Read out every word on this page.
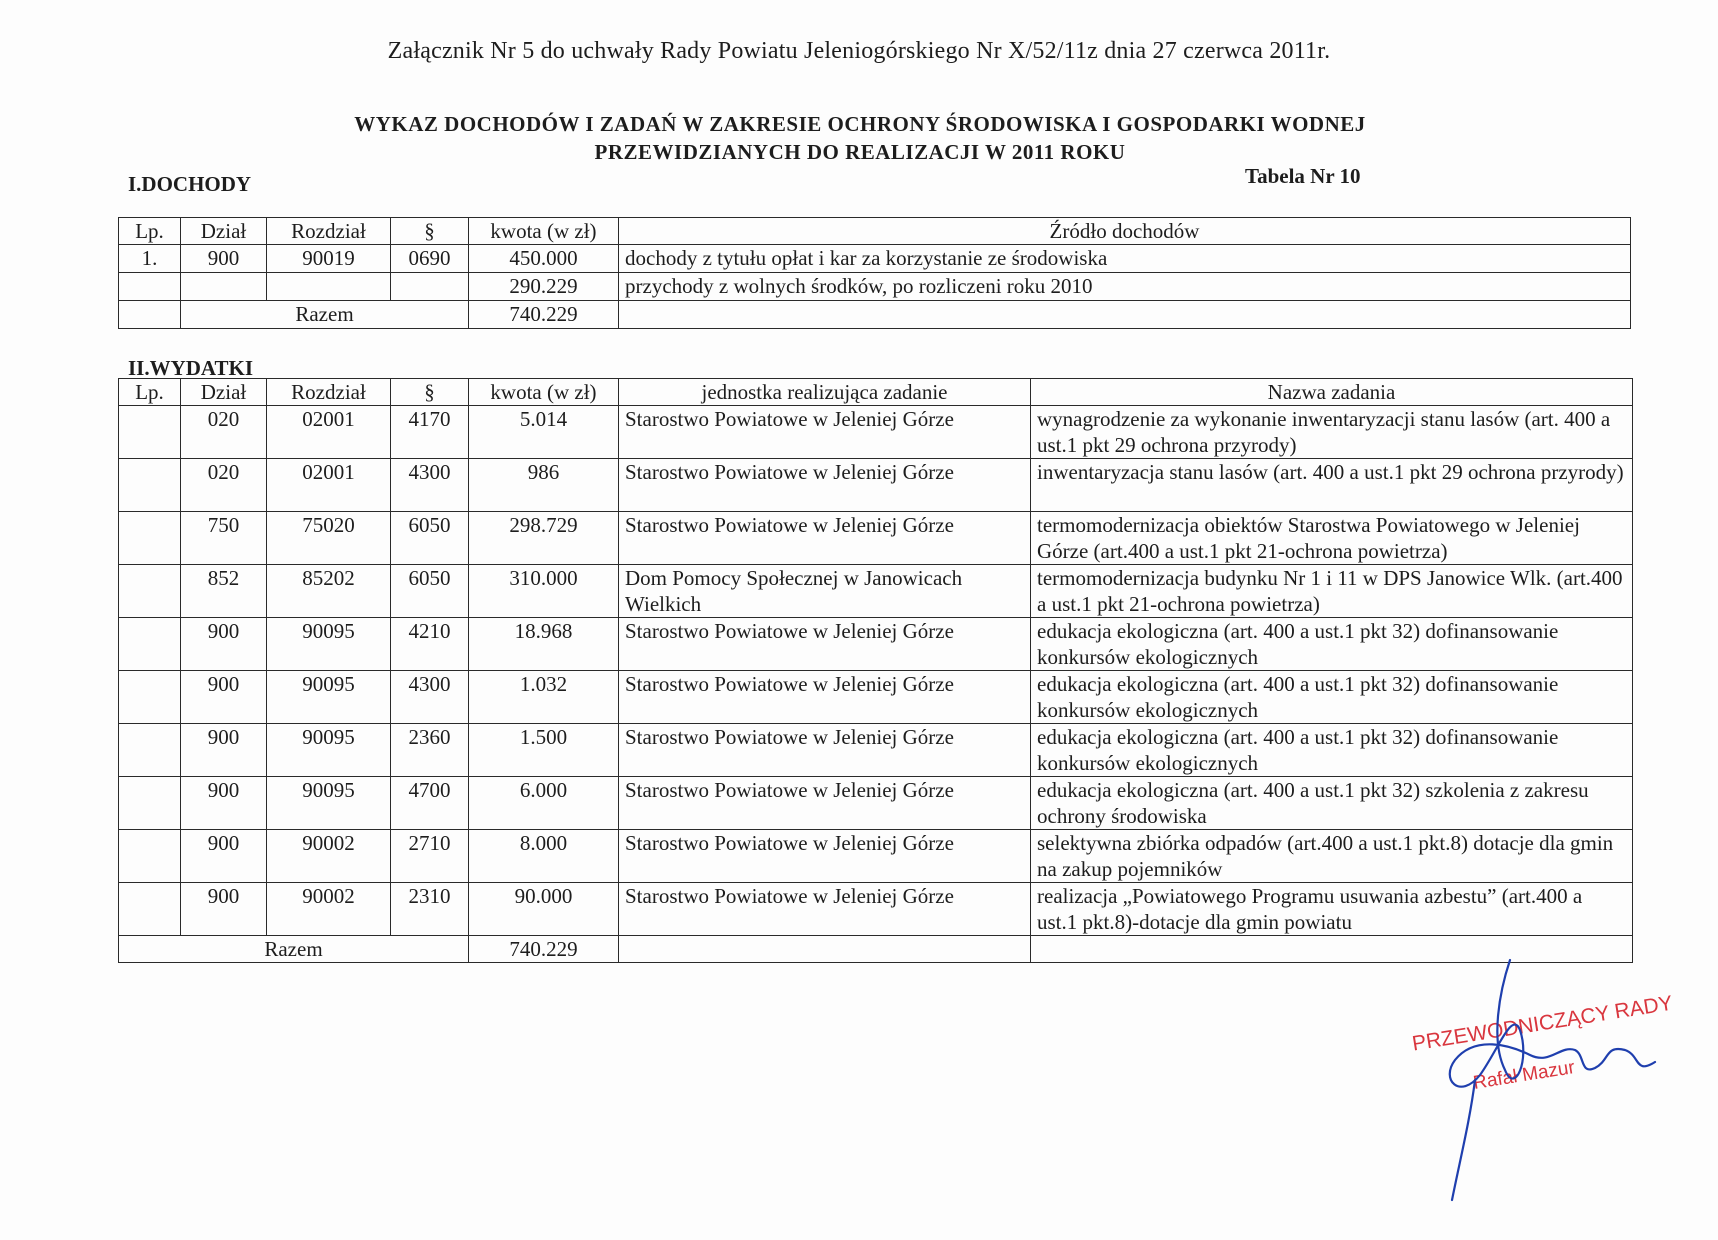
Załącznik Nr 5 do uchwały Rady Powiatu Jeleniogórskiego Nr X/52/11z dnia 27 czerwca 2011r.
WYKAZ DOCHODÓW I ZADAŃ W ZAKRESIE OCHRONY ŚRODOWISKA I GOSPODARKI WODNEJ
PRZEWIDZIANYCH DO REALIZACJI W 2011 ROKU
I.DOCHODY	Tabela Nr 10
Lp.	Dział	Rozdział	§	kwota (w zł)	Źródło dochodów
1.	900	90019	0690	450.000	dochody z tytułu opłat i kar za korzystanie ze środowiska
				290.229	przychody z wolnych środków, po rozliczeni roku 2010
	Razem			740.229	
II.WYDATKI
Lp.	Dział	Rozdział	§	kwota (w zł)	jednostka realizująca zadanie	Nazwa zadania
	020	02001	4170	5.014	Starostwo Powiatowe w Jeleniej Górze	wynagrodzenie za wykonanie inwentaryzacji stanu lasów (art. 400 a ust.1 pkt 29 ochrona przyrody)
	020	02001	4300	986	Starostwo Powiatowe w Jeleniej Górze	inwentaryzacja stanu lasów (art. 400 a ust.1 pkt 29 ochrona przyrody)
	750	75020	6050	298.729	Starostwo Powiatowe w Jeleniej Górze	termomodernizacja obiektów Starostwa Powiatowego w Jeleniej Górze (art.400 a ust.1 pkt 21-ochrona powietrza)
	852	85202	6050	310.000	Dom Pomocy Społecznej w Janowicach Wielkich	termomodernizacja budynku Nr 1 i 11 w DPS Janowice Wlk. (art.400 a ust.1 pkt 21-ochrona powietrza)
	900	90095	4210	18.968	Starostwo Powiatowe w Jeleniej Górze	edukacja ekologiczna (art. 400 a ust.1 pkt 32) dofinansowanie konkursów ekologicznych
	900	90095	4300	1.032	Starostwo Powiatowe w Jeleniej Górze	edukacja ekologiczna (art. 400 a ust.1 pkt 32) dofinansowanie konkursów ekologicznych
	900	90095	2360	1.500	Starostwo Powiatowe w Jeleniej Górze	edukacja ekologiczna (art. 400 a ust.1 pkt 32) dofinansowanie konkursów ekologicznych
	900	90095	4700	6.000	Starostwo Powiatowe w Jeleniej Górze	edukacja ekologiczna (art. 400 a ust.1 pkt 32) szkolenia z zakresu ochrony środowiska
	900	90002	2710	8.000	Starostwo Powiatowe w Jeleniej Górze	selektywna zbiórka odpadów (art.400 a ust.1 pkt.8) dotacje dla gmin na zakup pojemników
	900	90002	2310	90.000	Starostwo Powiatowe w Jeleniej Górze	realizacja „Powiatowego Programu usuwania azbestu” (art.400 a ust.1 pkt.8)-dotacje dla gmin powiatu
Razem				740.229		
PRZEWODNICZĄCY RADY
Rafał Mazur
